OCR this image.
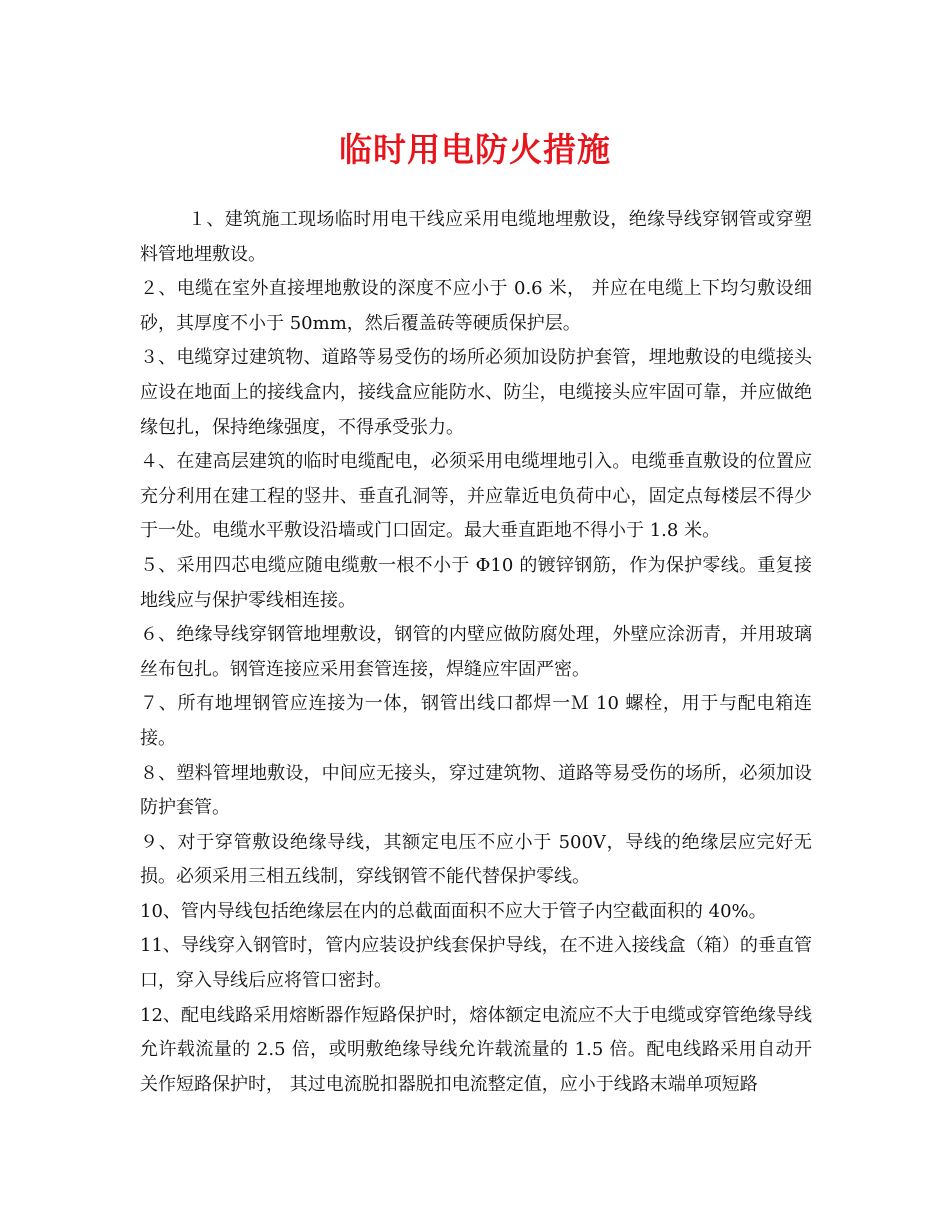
临时用电防火措施

１、建筑施工现场临时用电干线应采用电缆地埋敷设，绝缘导线穿钢管或穿塑料管地埋敷设。

２、电缆在室外直接埋地敷设的深度不应小于 0.6 米， 并应在电缆上下均匀敷设细砂，其厚度不小于 50mm，然后覆盖砖等硬质保护层。

３、电缆穿过建筑物、道路等易受伤的场所必须加设防护套管，埋地敷设的电缆接头应设在地面上的接线盒内，接线盒应能防水、防尘，电缆接头应牢固可靠，并应做绝缘包扎，保持绝缘强度，不得承受张力。

４、在建高层建筑的临时电缆配电，必须采用电缆埋地引入。电缆垂直敷设的位置应充分利用在建工程的竖井、垂直孔洞等，并应靠近电负荷中心，固定点每楼层不得少于一处。电缆水平敷设沿墙或门口固定。最大垂直距地不得小于 1.8 米。

５、采用四芯电缆应随电缆敷一根不小于 Φ10 的镀锌钢筋，作为保护零线。重复接地线应与保护零线相连接。

６、绝缘导线穿钢管地埋敷设，钢管的内壁应做防腐处理，外壁应涂沥青，并用玻璃丝布包扎。钢管连接应采用套管连接，焊缝应牢固严密。

７、所有地埋钢管应连接为一体，钢管出线口都焊一Ｍ 10 螺栓，用于与配电箱连接。

８、塑料管埋地敷设，中间应无接头，穿过建筑物、道路等易受伤的场所，必须加设防护套管。

９、对于穿管敷设绝缘导线，其额定电压不应小于 500V，导线的绝缘层应完好无损。必须采用三相五线制，穿线钢管不能代替保护零线。

10、管内导线包括绝缘层在内的总截面面积不应大于管子内空截面积的 40%。

11、导线穿入钢管时，管内应装设护线套保护导线，在不进入接线盒（箱）的垂直管口，穿入导线后应将管口密封。

12、配电线路采用熔断器作短路保护时，熔体额定电流应不大于电缆或穿管绝缘导线允许载流量的 2.5 倍，或明敷绝缘导线允许载流量的 1.5 倍。配电线路采用自动开关作短路保护时， 其过电流脱扣器脱扣电流整定值，应小于线路末端单项短路
